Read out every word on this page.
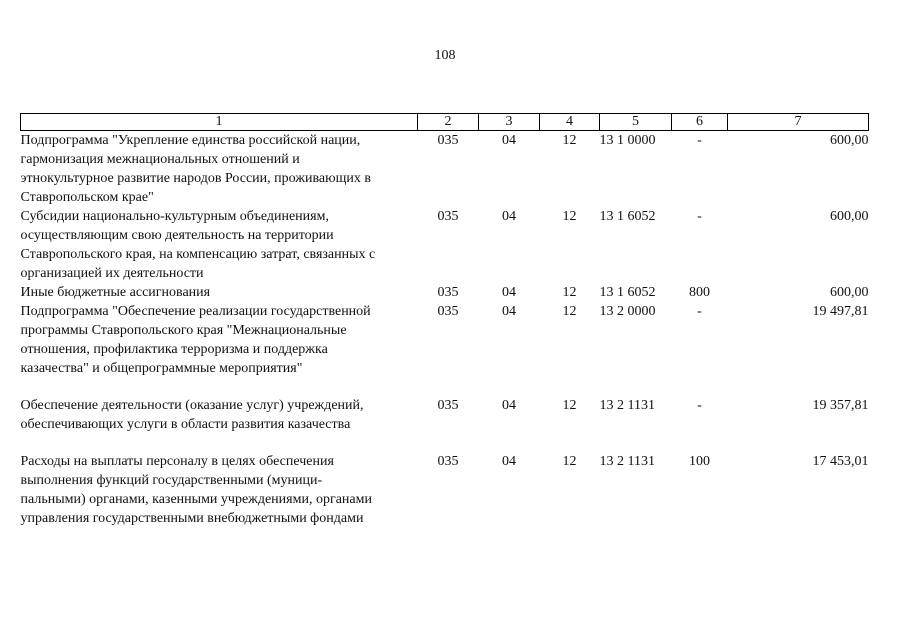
108
1	2	3	4	5	6	7

Подпрограмма "Укрепление единства российской нации,
гармонизация межнациональных отношений и
этнокультурное развитие народов России, проживающих в
Ставропольском крае"	035	04	12	13 1 0000	-	600,00

Субсидии национально-культурным объединениям,
осуществляющим свою деятельность на территории
Ставропольского края, на компенсацию затрат, связанных с
организацией их деятельности	035	04	12	13 1 6052	-	600,00

Иные бюджетные ассигнования	035	04	12	13 1 6052	800	600,00

Подпрограмма "Обеспечение реализации государственной
программы Ставропольского края "Межнациональные
отношения, профилактика терроризма и поддержка
казачества" и общепрограммные мероприятия"	035	04	12	13 2 0000	-	19 497,81

Обеспечение деятельности (оказание услуг) учреждений,
обеспечивающих услуги в области развития казачества	035	04	12	13 2 1131	-	19 357,81

Расходы на выплаты персоналу в целях обеспечения
выполнения функций государственными (муници-
пальными) органами, казенными учреждениями, органами
управления государственными внебюджетными фондами	035	04	12	13 2 1131	100	17 453,01
